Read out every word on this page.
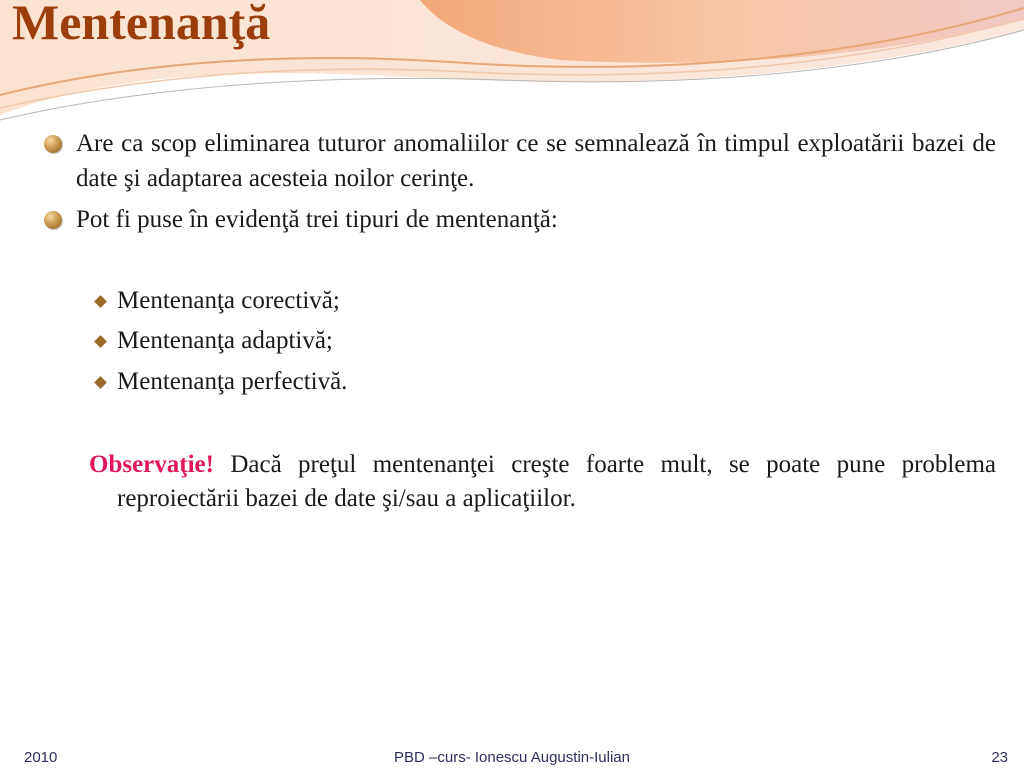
Mentenanţă
Are ca scop eliminarea tuturor anomaliilor ce se semnalează în timpul exploatării bazei de date şi adaptarea acesteia noilor cerinţe.
Pot fi puse în evidenţă trei tipuri de mentenanţă:
Mentenanţa corectivă;
Mentenanţa adaptivă;
Mentenanţa perfectivă.
Observaţie! Dacă preţul mentenanţei creşte foarte mult, se poate pune problema reproiectării bazei de date şi/sau a aplicaţiilor.
2010	PBD –curs- Ionescu Augustin-Iulian	23
